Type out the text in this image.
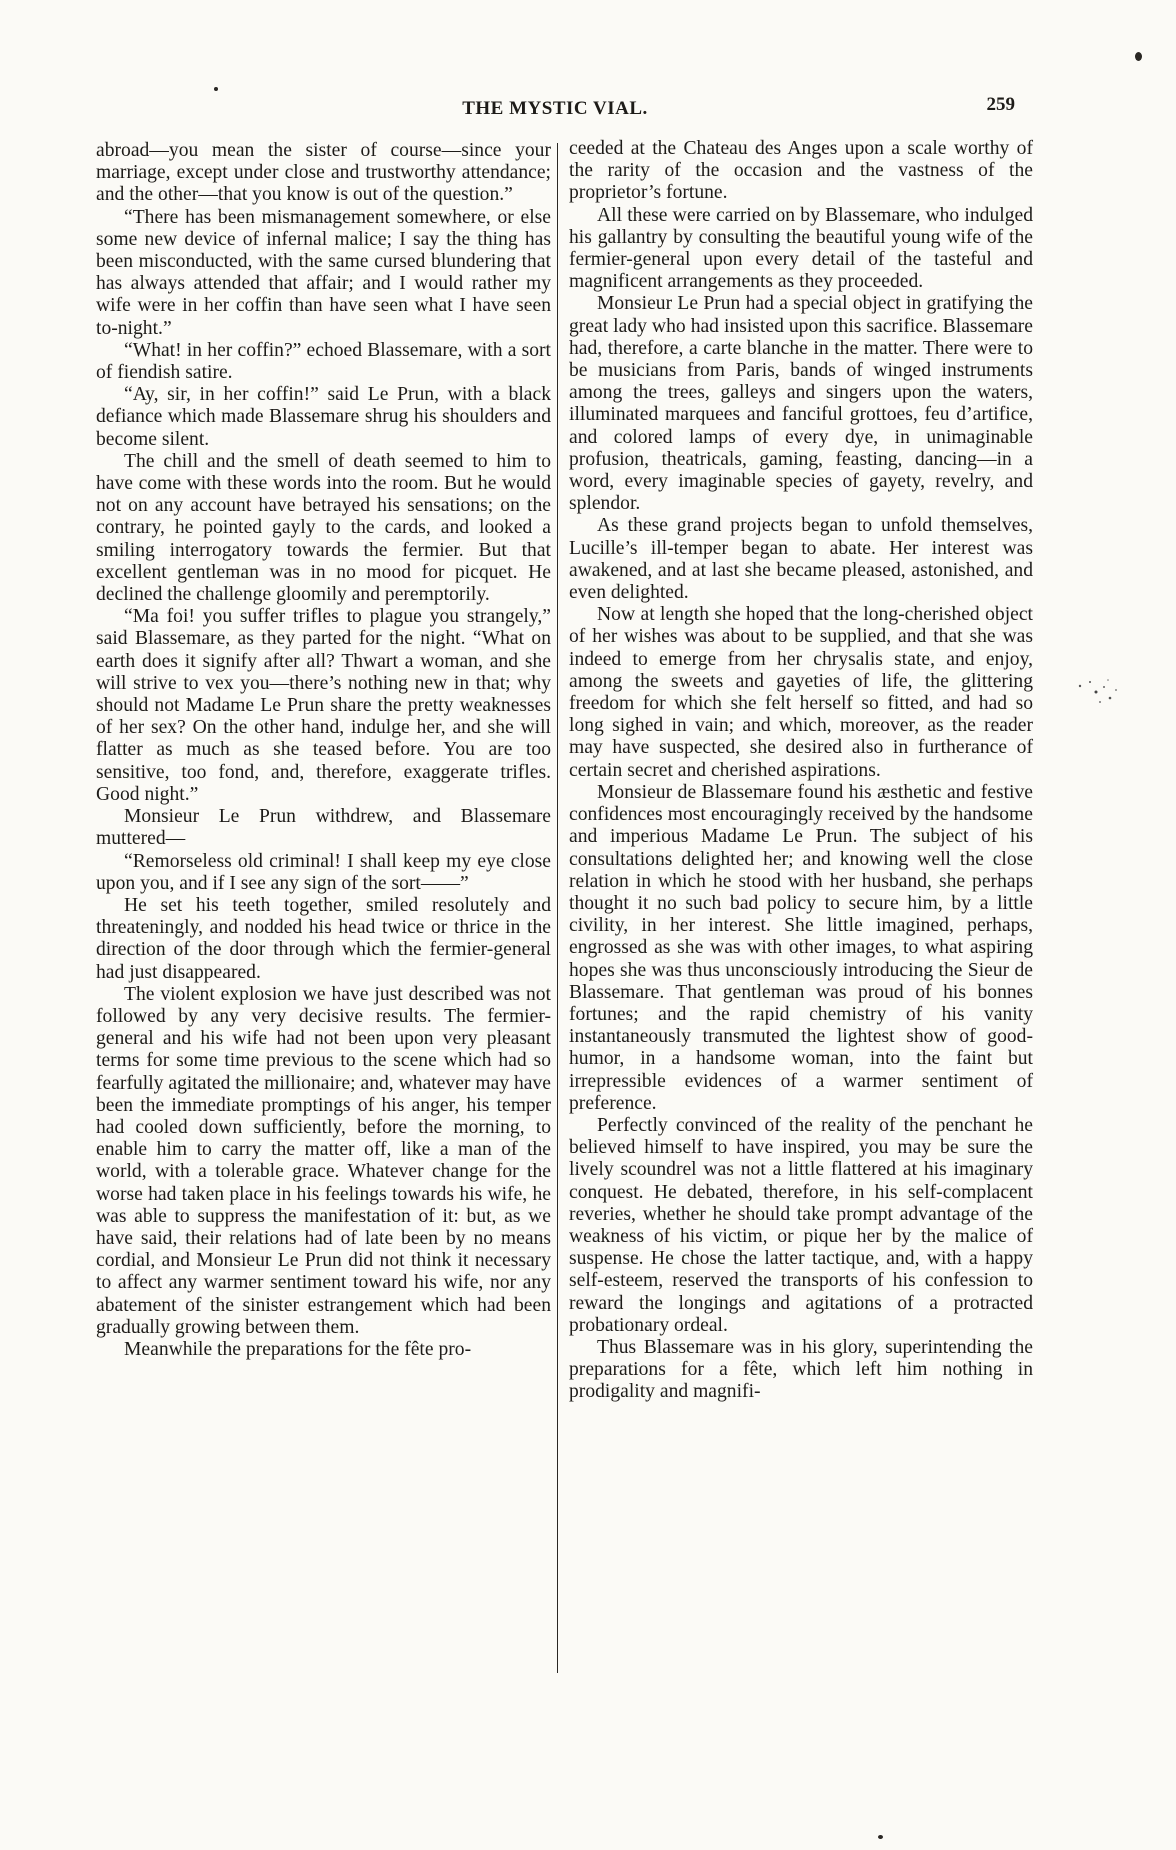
THE MYSTIC VIAL.	259

abroad—you mean the sister of course—since your marriage, except under close and trustworthy attendance; and the other—that you know is out of the question.”

“There has been mismanagement somewhere, or else some new device of infernal malice; I say the thing has been misconducted, with the same cursed blundering that has always attended that affair; and I would rather my wife were in her coffin than have seen what I have seen to-night.”

“What! in her coffin?” echoed Blassemare, with a sort of fiendish satire.

“Ay, sir, in her coffin!” said Le Prun, with a black defiance which made Blassemare shrug his shoulders and become silent.

The chill and the smell of death seemed to him to have come with these words into the room. But he would not on any account have betrayed his sensations; on the contrary, he pointed gayly to the cards, and looked a smiling interrogatory towards the fermier. But that excellent gentleman was in no mood for picquet. He declined the challenge gloomily and peremptorily.

“Ma foi! you suffer trifles to plague you strangely,” said Blassemare, as they parted for the night. “What on earth does it signify after all? Thwart a woman, and she will strive to vex you—there’s nothing new in that; why should not Madame Le Prun share the pretty weaknesses of her sex? On the other hand, indulge her, and she will flatter as much as she teased before. You are too sensitive, too fond, and, therefore, exaggerate trifles. Good night.”

Monsieur Le Prun withdrew, and Blassemare muttered—

“Remorseless old criminal! I shall keep my eye close upon you, and if I see any sign of the sort——”

He set his teeth together, smiled resolutely and threateningly, and nodded his head twice or thrice in the direction of the door through which the fermier-general had just disappeared.

The violent explosion we have just described was not followed by any very decisive results. The fermier-general and his wife had not been upon very pleasant terms for some time previous to the scene which had so fearfully agitated the millionaire; and, whatever may have been the immediate promptings of his anger, his temper had cooled down sufficiently, before the morning, to enable him to carry the matter off, like a man of the world, with a tolerable grace. Whatever change for the worse had taken place in his feelings towards his wife, he was able to suppress the manifestation of it: but, as we have said, their relations had of late been by no means cordial, and Monsieur Le Prun did not think it necessary to affect any warmer sentiment toward his wife, nor any abatement of the sinister estrangement which had been gradually growing between them.

Meanwhile the preparations for the fête pro-

ceeded at the Chateau des Anges upon a scale worthy of the rarity of the occasion and the vastness of the proprietor’s fortune.

All these were carried on by Blassemare, who indulged his gallantry by consulting the beautiful young wife of the fermier-general upon every detail of the tasteful and magnificent arrangements as they proceeded.

Monsieur Le Prun had a special object in gratifying the great lady who had insisted upon this sacrifice. Blassemare had, therefore, a carte blanche in the matter. There were to be musicians from Paris, bands of winged instruments among the trees, galleys and singers upon the waters, illuminated marquees and fanciful grottoes, feu d’artifice, and colored lamps of every dye, in unimaginable profusion, theatricals, gaming, feasting, dancing—in a word, every imaginable species of gayety, revelry, and splendor.

As these grand projects began to unfold themselves, Lucille’s ill-temper began to abate. Her interest was awakened, and at last she became pleased, astonished, and even delighted.

Now at length she hoped that the long-cherished object of her wishes was about to be supplied, and that she was indeed to emerge from her chrysalis state, and enjoy, among the sweets and gayeties of life, the glittering freedom for which she felt herself so fitted, and had so long sighed in vain; and which, moreover, as the reader may have suspected, she desired also in furtherance of certain secret and cherished aspirations.

Monsieur de Blassemare found his æsthetic and festive confidences most encouragingly received by the handsome and imperious Madame Le Prun. The subject of his consultations delighted her; and knowing well the close relation in which he stood with her husband, she perhaps thought it no such bad policy to secure him, by a little civility, in her interest. She little imagined, perhaps, engrossed as she was with other images, to what aspiring hopes she was thus unconsciously introducing the Sieur de Blassemare. That gentleman was proud of his bonnes fortunes; and the rapid chemistry of his vanity instantaneously transmuted the lightest show of good-humor, in a handsome woman, into the faint but irrepressible evidences of a warmer sentiment of preference.

Perfectly convinced of the reality of the penchant he believed himself to have inspired, you may be sure the lively scoundrel was not a little flattered at his imaginary conquest. He debated, therefore, in his self-complacent reveries, whether he should take prompt advantage of the weakness of his victim, or pique her by the malice of suspense. He chose the latter tactique, and, with a happy self-esteem, reserved the transports of his confession to reward the longings and agitations of a protracted probationary ordeal.

Thus Blassemare was in his glory, superintending the preparations for a fête, which left him nothing in prodigality and magnifi-
